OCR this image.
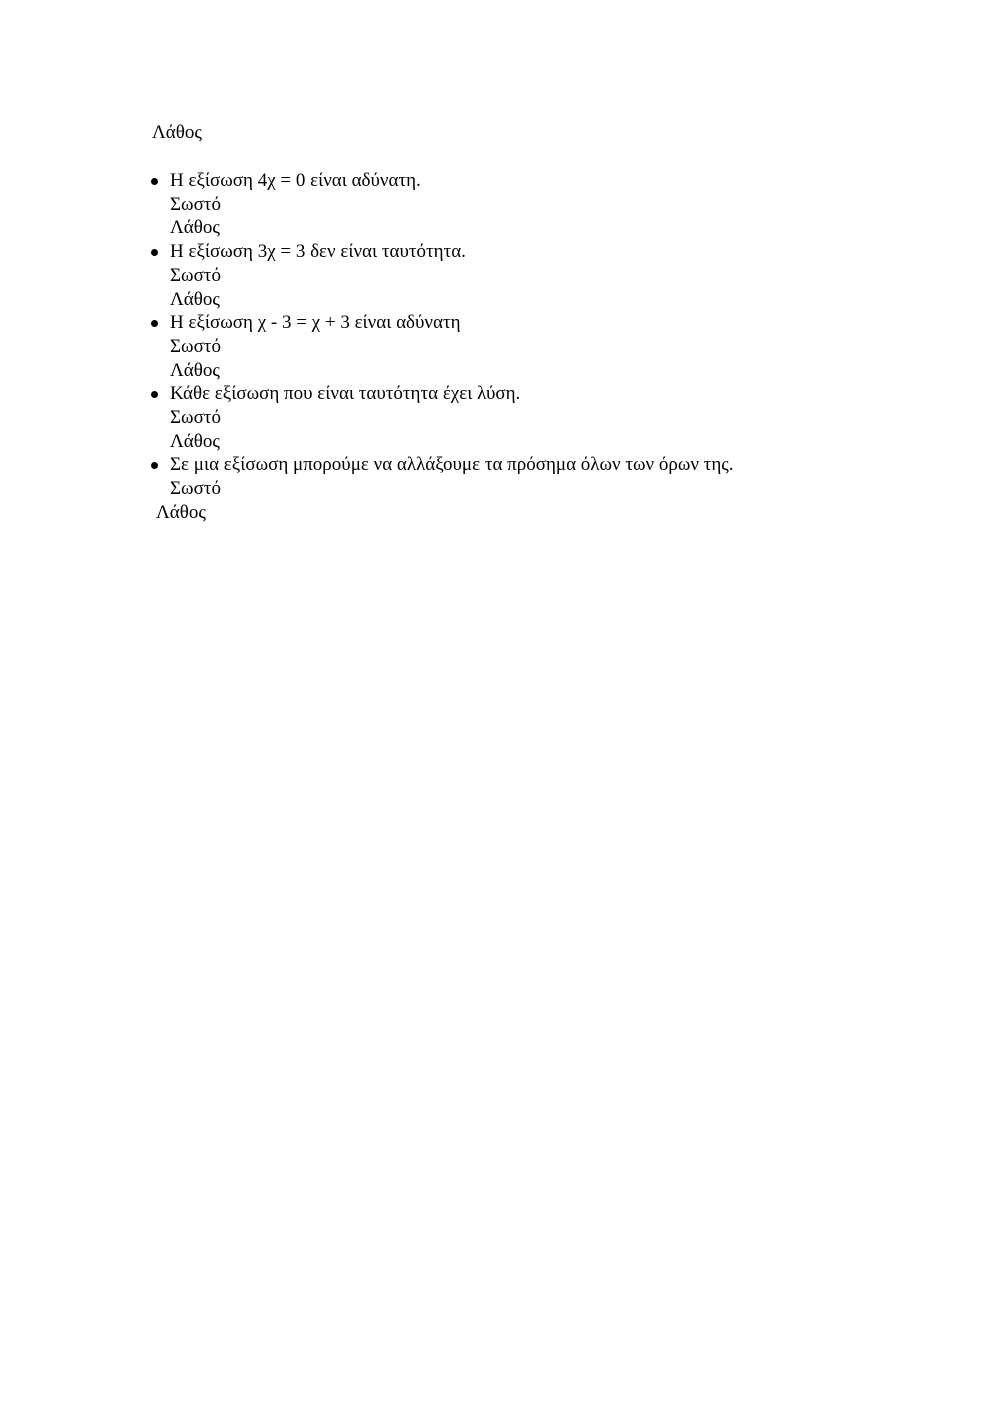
Λάθος
Η εξίσωση 4χ = 0 είναι αδύνατη.
Σωστό
Λάθος
Η εξίσωση 3χ = 3 δεν είναι ταυτότητα.
Σωστό
Λάθος
Η εξίσωση χ - 3 = χ + 3 είναι αδύνατη
Σωστό
Λάθος
Κάθε εξίσωση που είναι ταυτότητα έχει λύση.
Σωστό
Λάθος
Σε μια εξίσωση μπορούμε να αλλάξουμε τα πρόσημα όλων των όρων της.
Σωστό
Λάθος
